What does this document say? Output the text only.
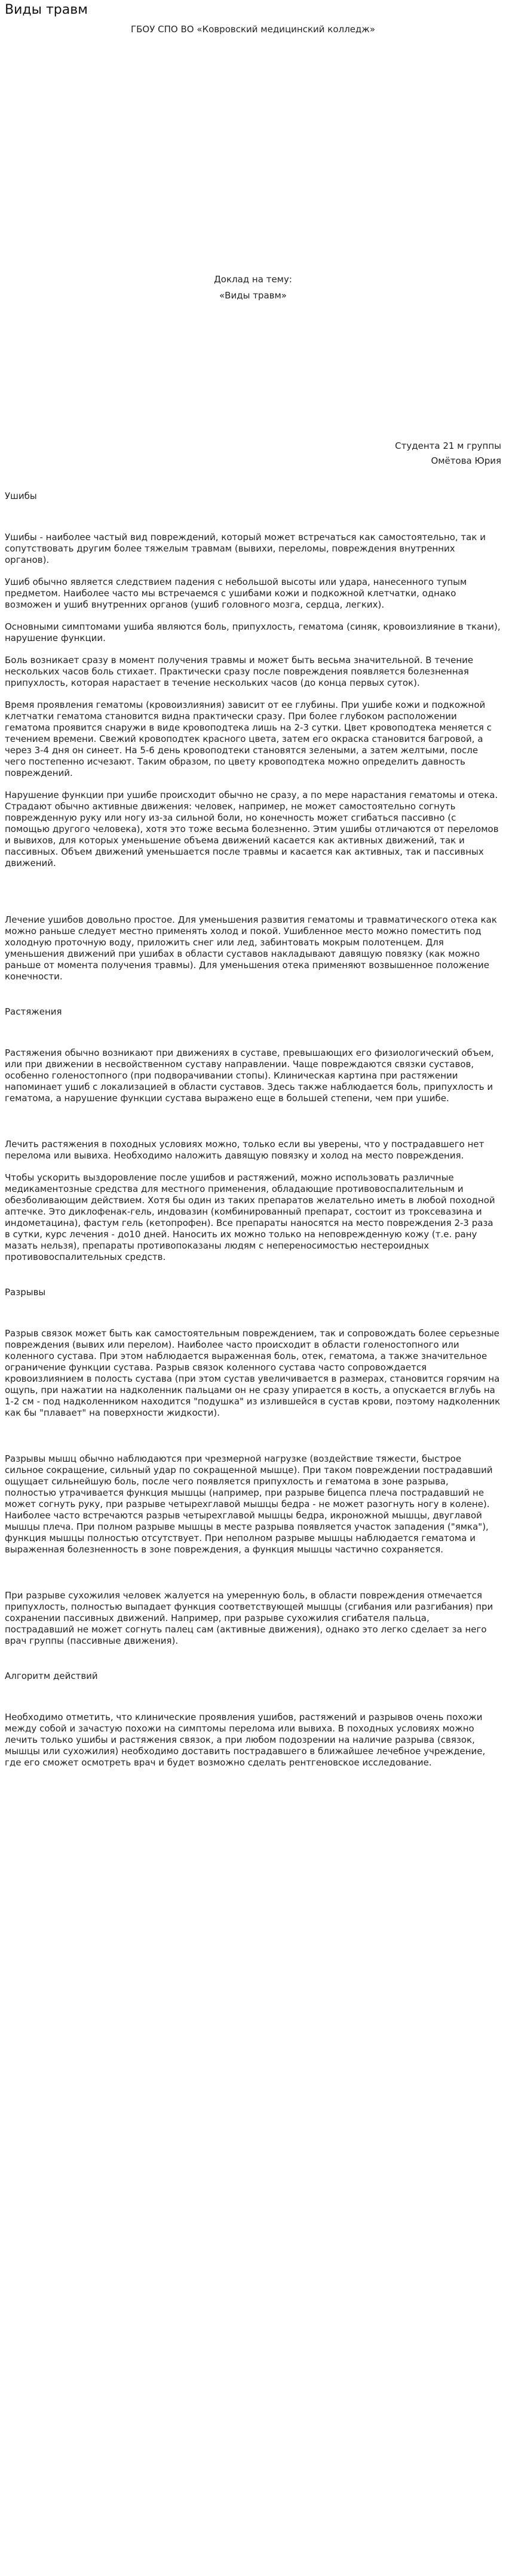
Виды травм

ГБОУ СПО ВО «Ковровский медицинский колледж»

Доклад на тему:

«Виды травм»

Студента 21 м группы

Омётова Юрия

Ушибы

Ушибы - наиболее частый вид повреждений, который может встречаться как самостоятельно, так и сопутствовать другим более тяжелым травмам (вывихи, переломы, повреждения внутренних органов).

Ушиб обычно является следствием падения с небольшой высоты или удара, нанесенного тупым предметом. Наиболее часто мы встречаемся с ушибами кожи и подкожной клетчатки, однако возможен и ушиб внутренних органов (ушиб головного мозга, сердца, легких).

Основными симптомами ушиба являются боль, припухлость, гематома (синяк, кровоизлияние в ткани), нарушение функции.

Боль возникает сразу в момент получения травмы и может быть весьма значительной. В течение нескольких часов боль стихает. Практически сразу после повреждения появляется болезненная припухлость, которая нарастает в течение нескольких часов (до конца первых суток).

Время проявления гематомы (кровоизлияния) зависит от ее глубины. При ушибе кожи и подкожной клетчатки гематома становится видна практически сразу. При более глубоком расположении гематома проявится снаружи в виде кровоподтека лишь на 2-3 сутки. Цвет кровоподтека меняется с течением времени. Свежий кровоподтек красного цвета, затем его окраска становится багровой, а через 3-4 дня он синеет. На 5-6 день кровоподтеки становятся зелеными, а затем желтыми, после чего постепенно исчезают. Таким образом, по цвету кровоподтека можно определить давность повреждений.

Нарушение функции при ушибе происходит обычно не сразу, а по мере нарастания гематомы и отека. Страдают обычно активные движения: человек, например, не может самостоятельно согнуть поврежденную руку или ногу из-за сильной боли, но конечность может сгибаться пассивно (с помощью другого человека), хотя это тоже весьма болезненно. Этим ушибы отличаются от переломов и вывихов, для которых уменьшение объема движений касается как активных движений, так и пассивных. Объем движений уменьшается после травмы и касается как активных, так и пассивных движений.

Лечение ушибов довольно простое. Для уменьшения развития гематомы и травматического отека как можно раньше следует местно применять холод и покой. Ушибленное место можно поместить под холодную проточную воду, приложить снег или лед, забинтовать мокрым полотенцем. Для уменьшения движений при ушибах в области суставов накладывают давящую повязку (как можно раньше от момента получения травмы). Для уменьшения отека применяют возвышенное положение конечности.

Растяжения

Растяжения обычно возникают при движениях в суставе, превышающих его физиологический объем, или при движении в несвойственном суставу направлении. Чаще повреждаются связки суставов, особенно голеностопного (при подворачивании стопы). Клиническая картина при растяжении напоминает ушиб с локализацией в области суставов. Здесь также наблюдается боль, припухлость и гематома, а нарушение функции сустава выражено еще в большей степени, чем при ушибе.

Лечить растяжения в походных условиях можно, только если вы уверены, что у пострадавшего нет перелома или вывиха. Необходимо наложить давящую повязку и холод на место повреждения.

Чтобы ускорить выздоровление после ушибов и растяжений, можно использовать различные медикаментозные средства для местного применения, обладающие противовоспалительным и обезболивающим действием. Хотя бы один из таких препаратов желательно иметь в любой походной аптечке. Это диклофенак-гель, индовазин (комбинированный препарат, состоит из троксевазина и индометацина), фастум гель (кетопрофен). Все препараты наносятся на место повреждения 2-3 раза в сутки, курс лечения - до10 дней. Наносить их можно только на неповрежденную кожу (т.е. рану мазать нельзя), препараты противопоказаны людям с непереносимостью нестероидных противовоспалительных средств.

Разрывы

Разрыв связок может быть как самостоятельным повреждением, так и сопровождать более серьезные повреждения (вывих или перелом). Наиболее часто происходит в области голеностопного или коленного сустава. При этом наблюдается выраженная боль, отек, гематома, а также значительное ограничение функции сустава. Разрыв связок коленного сустава часто сопровождается кровоизлиянием в полость сустава (при этом сустав увеличивается в размерах, становится горячим на ощупь, при нажатии на надколенник пальцами он не сразу упирается в кость, а опускается вглубь на 1-2 см - под надколенником находится "подушка" из излившейся в сустав крови, поэтому надколенник как бы "плавает" на поверхности жидкости).

Разрывы мышц обычно наблюдаются при чрезмерной нагрузке (воздействие тяжести, быстрое сильное сокращение, сильный удар по сокращенной мышце). При таком повреждении пострадавший ощущает сильнейшую боль, после чего появляется припухлость и гематома в зоне разрыва, полностью утрачивается функция мышцы (например, при разрыве бицепса плеча пострадавший не может согнуть руку, при разрыве четырехглавой мышцы бедра - не может разогнуть ногу в колене). Наиболее часто встречаются разрыв четырехглавой мышцы бедра, икроножной мышцы, двуглавой мышцы плеча. При полном разрыве мышцы в месте разрыва появляется участок западения ("ямка"), функция мышцы полностью отсутствует. При неполном разрыве мышцы наблюдается гематома и выраженная болезненность в зоне повреждения, а функция мышцы частично сохраняется.

При разрыве сухожилия человек жалуется на умеренную боль, в области повреждения отмечается припухлость, полностью выпадает функция соответствующей мышцы (сгибания или разгибания) при сохранении пассивных движений. Например, при разрыве сухожилия сгибателя пальца, пострадавший не может согнуть палец сам (активные движения), однако это легко сделает за него врач группы (пассивные движения).

Алгоритм действий

Необходимо отметить, что клинические проявления ушибов, растяжений и разрывов очень похожи между собой и зачастую похожи на симптомы перелома или вывиха. В походных условиях можно лечить только ушибы и растяжения связок, а при любом подозрении на наличие разрыва (связок, мышцы или сухожилия) необходимо доставить пострадавшего в ближайшее лечебное учреждение, где его сможет осмотреть врач и будет возможно сделать рентгеновское исследование.
